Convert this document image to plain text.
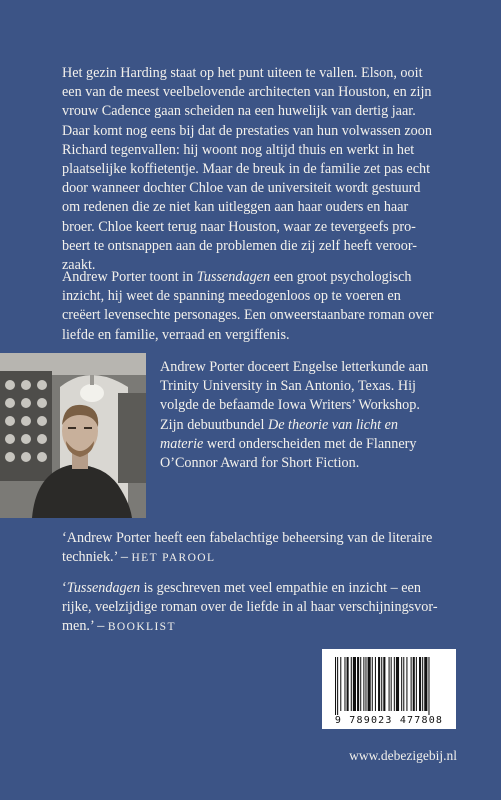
Het gezin Harding staat op het punt uiteen te vallen. Elson, ooit

een van de meest veelbelovende architecten van Houston, en zijn

vrouw Cadence gaan scheiden na een huwelijk van dertig jaar.

Daar komt nog eens bij dat de prestaties van hun volwassen zoon

Richard tegenvallen: hij woont nog altijd thuis en werkt in het

plaatselijke koffietentje. Maar de breuk in de familie zet pas echt

door wanneer dochter Chloe van de universiteit wordt gestuurd

om redenen die ze niet kan uitleggen aan haar ouders en haar

broer. Chloe keert terug naar Houston, waar ze tevergeefs pro-

beert te ontsnappen aan de problemen die zij zelf heeft veroor-

zaakt.

Andrew Porter toont in Tussendagen een groot psychologisch

inzicht, hij weet de spanning meedogenloos op te voeren en

creëert levensechte personages. Een onweerstaanbare roman over

liefde en familie, verraad en vergiffenis.

Andrew Porter doceert Engelse letterkunde aan

Trinity University in San Antonio, Texas. Hij

volgde de befaamde Iowa Writers’ Workshop.

Zijn debuutbundel De theorie van licht en

materie werd onderscheiden met de Flannery

O’Connor Award for Short Fiction.

‘Andrew Porter heeft een fabelachtige beheersing van de literaire

techniek.’ – HET PAROOL

‘Tussendagen is geschreven met veel empathie en inzicht – een

rijke, veelzijdige roman over de liefde in al haar verschijningsvor-

men.’ – BOOKLIST

9 789023 477808
www.debezigebij.nl
